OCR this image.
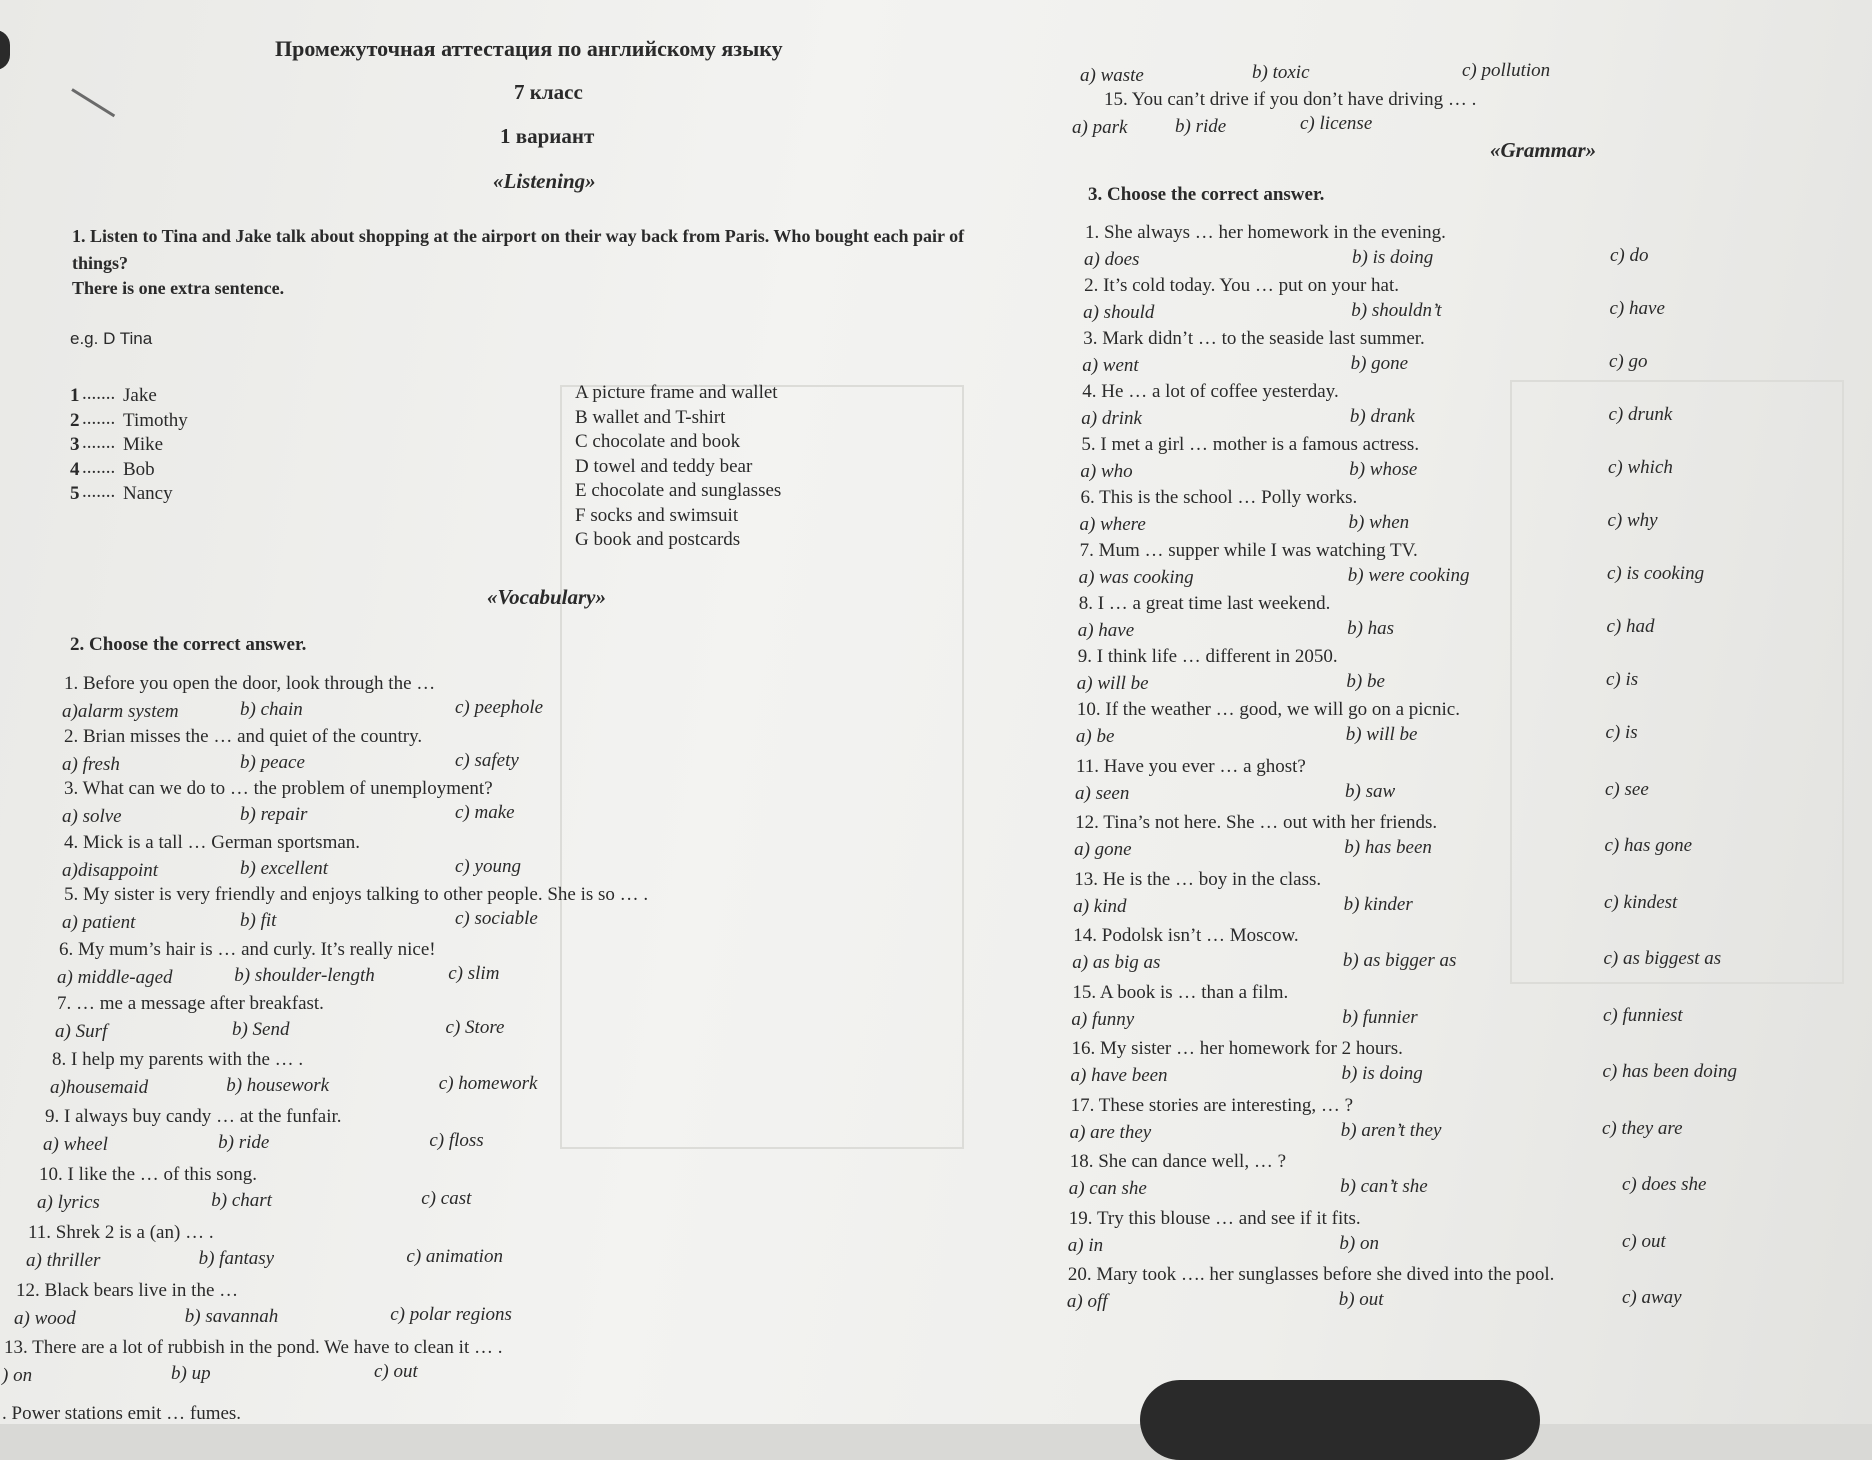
Промежуточная аттестация по английскому языку
7 класс
1 вариант
«Listening»
1. Listen to Tina and Jake talk about shopping at the airport on their way back from Paris. Who bought each pair of
things?
There is one extra sentence.
e.g. D Tina
1 ....... Jake
2 ....... Timothy
3 ....... Mike
4 ....... Bob
5 ....... Nancy
A picture frame and wallet
B wallet and T-shirt
C chocolate and book
D towel and teddy bear
E chocolate and sunglasses
F socks and swimsuit
G book and postcards
«Vocabulary»
2. Choose the correct answer.
1. Before you open the door, look through the …
a)alarm system	b) chain	c) peephole
2. Brian misses the … and quiet of the country.
a) fresh	b) peace	c) safety
3. What can we do to … the problem of unemployment?
a) solve	b) repair	c) make
4. Mick is a tall … German sportsman.
a)disappoint	b) excellent	c) young
5. My sister is very friendly and enjoys talking to other people. She is so … .
a) patient	b) fit	c) sociable
6. My mum’s hair is … and curly. It’s really nice!
a) middle-aged	b) shoulder-length	c) slim
7. … me a message after breakfast.
a) Surf	b) Send	c) Store
8. I help my parents with the … .
a)housemaid	b) housework	c) homework
9. I always buy candy … at the funfair.
a) wheel	b) ride	c) floss
10. I like the … of this song.
a) lyrics	b) chart	c) cast
11. Shrek 2 is a (an) … .
a) thriller	b) fantasy	c) animation
12. Black bears live in the …
a) wood	b) savannah	c) polar regions
13. There are a lot of rubbish in the pond. We have to clean it … .
) on	b) up	c) out
. Power stations emit … fumes.
a) waste	b) toxic	c) pollution
15. You can’t drive if you don’t have driving … .
a) park	b) ride	c) license
«Grammar»
3. Choose the correct answer.
1. She always … her homework in the evening.
a) does	b) is doing	c) do
2. It’s cold today. You … put on your hat.
a) should	b) shouldn’t	c) have
3. Mark didn’t … to the seaside last summer.
a) went	b) gone	c) go
4. He … a lot of coffee yesterday.
a) drink	b) drank	c) drunk
5. I met a girl … mother is a famous actress.
a) who	b) whose	c) which
6. This is the school … Polly works.
a) where	b) when	c) why
7. Mum … supper while I was watching TV.
a) was cooking	b) were cooking	c) is cooking
8. I … a great time last weekend.
a) have	b) has	c) had
9. I think life … different in 2050.
a) will be	b) be	c) is
10. If the weather … good, we will go on a picnic.
a) be	b) will be	c) is
11. Have you ever … a ghost?
a) seen	b) saw	c) see
12. Tina’s not here. She … out with her friends.
a) gone	b) has been	c) has gone
13. He is the … boy in the class.
a) kind	b) kinder	c) kindest
14. Podolsk isn’t … Moscow.
a) as big as	b) as bigger as	c) as biggest as
15. A book is … than a film.
a) funny	b) funnier	c) funniest
16. My sister … her homework for 2 hours.
a) have been	b) is doing	c) has been doing
17. These stories are interesting, … ?
a) are they	b) aren’t they	c) they are
18. She can dance well, … ?
a) can she	b) can’t she	c) does she
19. Try this blouse … and see if it fits.
a) in	b) on	c) out
20. Mary took …. her sunglasses before she dived into the pool.
a) off	b) out	c) away
